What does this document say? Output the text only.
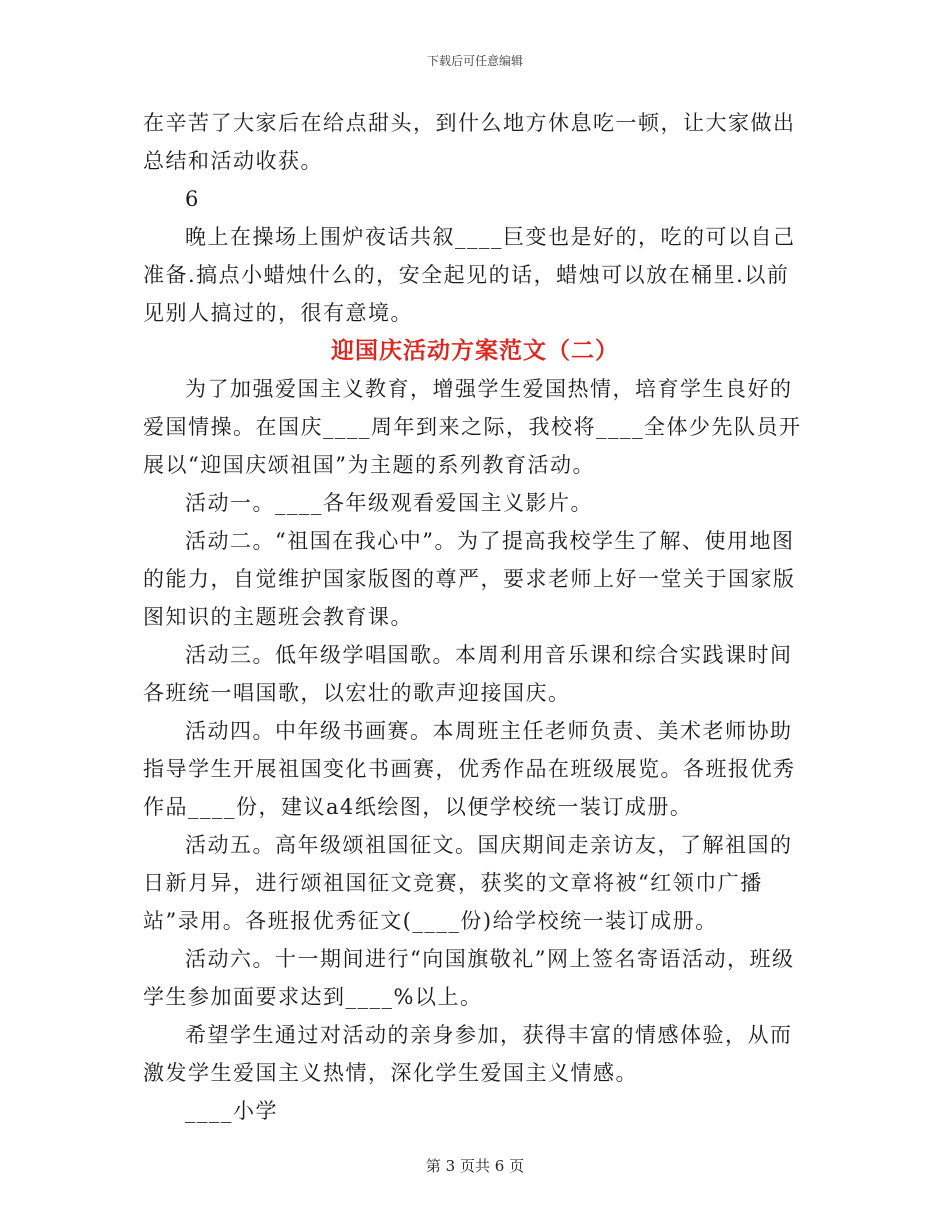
下载后可任意编辑

在辛苦了大家后在给点甜头，到什么地方休息吃一顿，让大家做出总结和活动收获。

6

晚上在操场上围炉夜话共叙____巨变也是好的，吃的可以自己准备.搞点小蜡烛什么的，安全起见的话，蜡烛可以放在桶里.以前见别人搞过的，很有意境。

迎国庆活动方案范文（二）

为了加强爱国主义教育，增强学生爱国热情，培育学生良好的爱国情操。在国庆____周年到来之际，我校将____全体少先队员开展以“迎国庆颂祖国”为主题的系列教育活动。

活动一。____各年级观看爱国主义影片。

活动二。“祖国在我心中”。为了提高我校学生了解、使用地图的能力，自觉维护国家版图的尊严，要求老师上好一堂关于国家版图知识的主题班会教育课。

活动三。低年级学唱国歌。本周利用音乐课和综合实践课时间各班统一唱国歌，以宏壮的歌声迎接国庆。

活动四。中年级书画赛。本周班主任老师负责、美术老师协助指导学生开展祖国变化书画赛，优秀作品在班级展览。各班报优秀作品____份，建议a4纸绘图，以便学校统一装订成册。

活动五。高年级颂祖国征文。国庆期间走亲访友，了解祖国的日新月异，进行颂祖国征文竞赛，获奖的文章将被“红领巾广播站”录用。各班报优秀征文(____份)给学校统一装订成册。

活动六。十一期间进行“向国旗敬礼”网上签名寄语活动，班级学生参加面要求达到____%以上。

希望学生通过对活动的亲身参加，获得丰富的情感体验，从而激发学生爱国主义热情，深化学生爱国主义情感。

____小学

第 3 页共 6 页
